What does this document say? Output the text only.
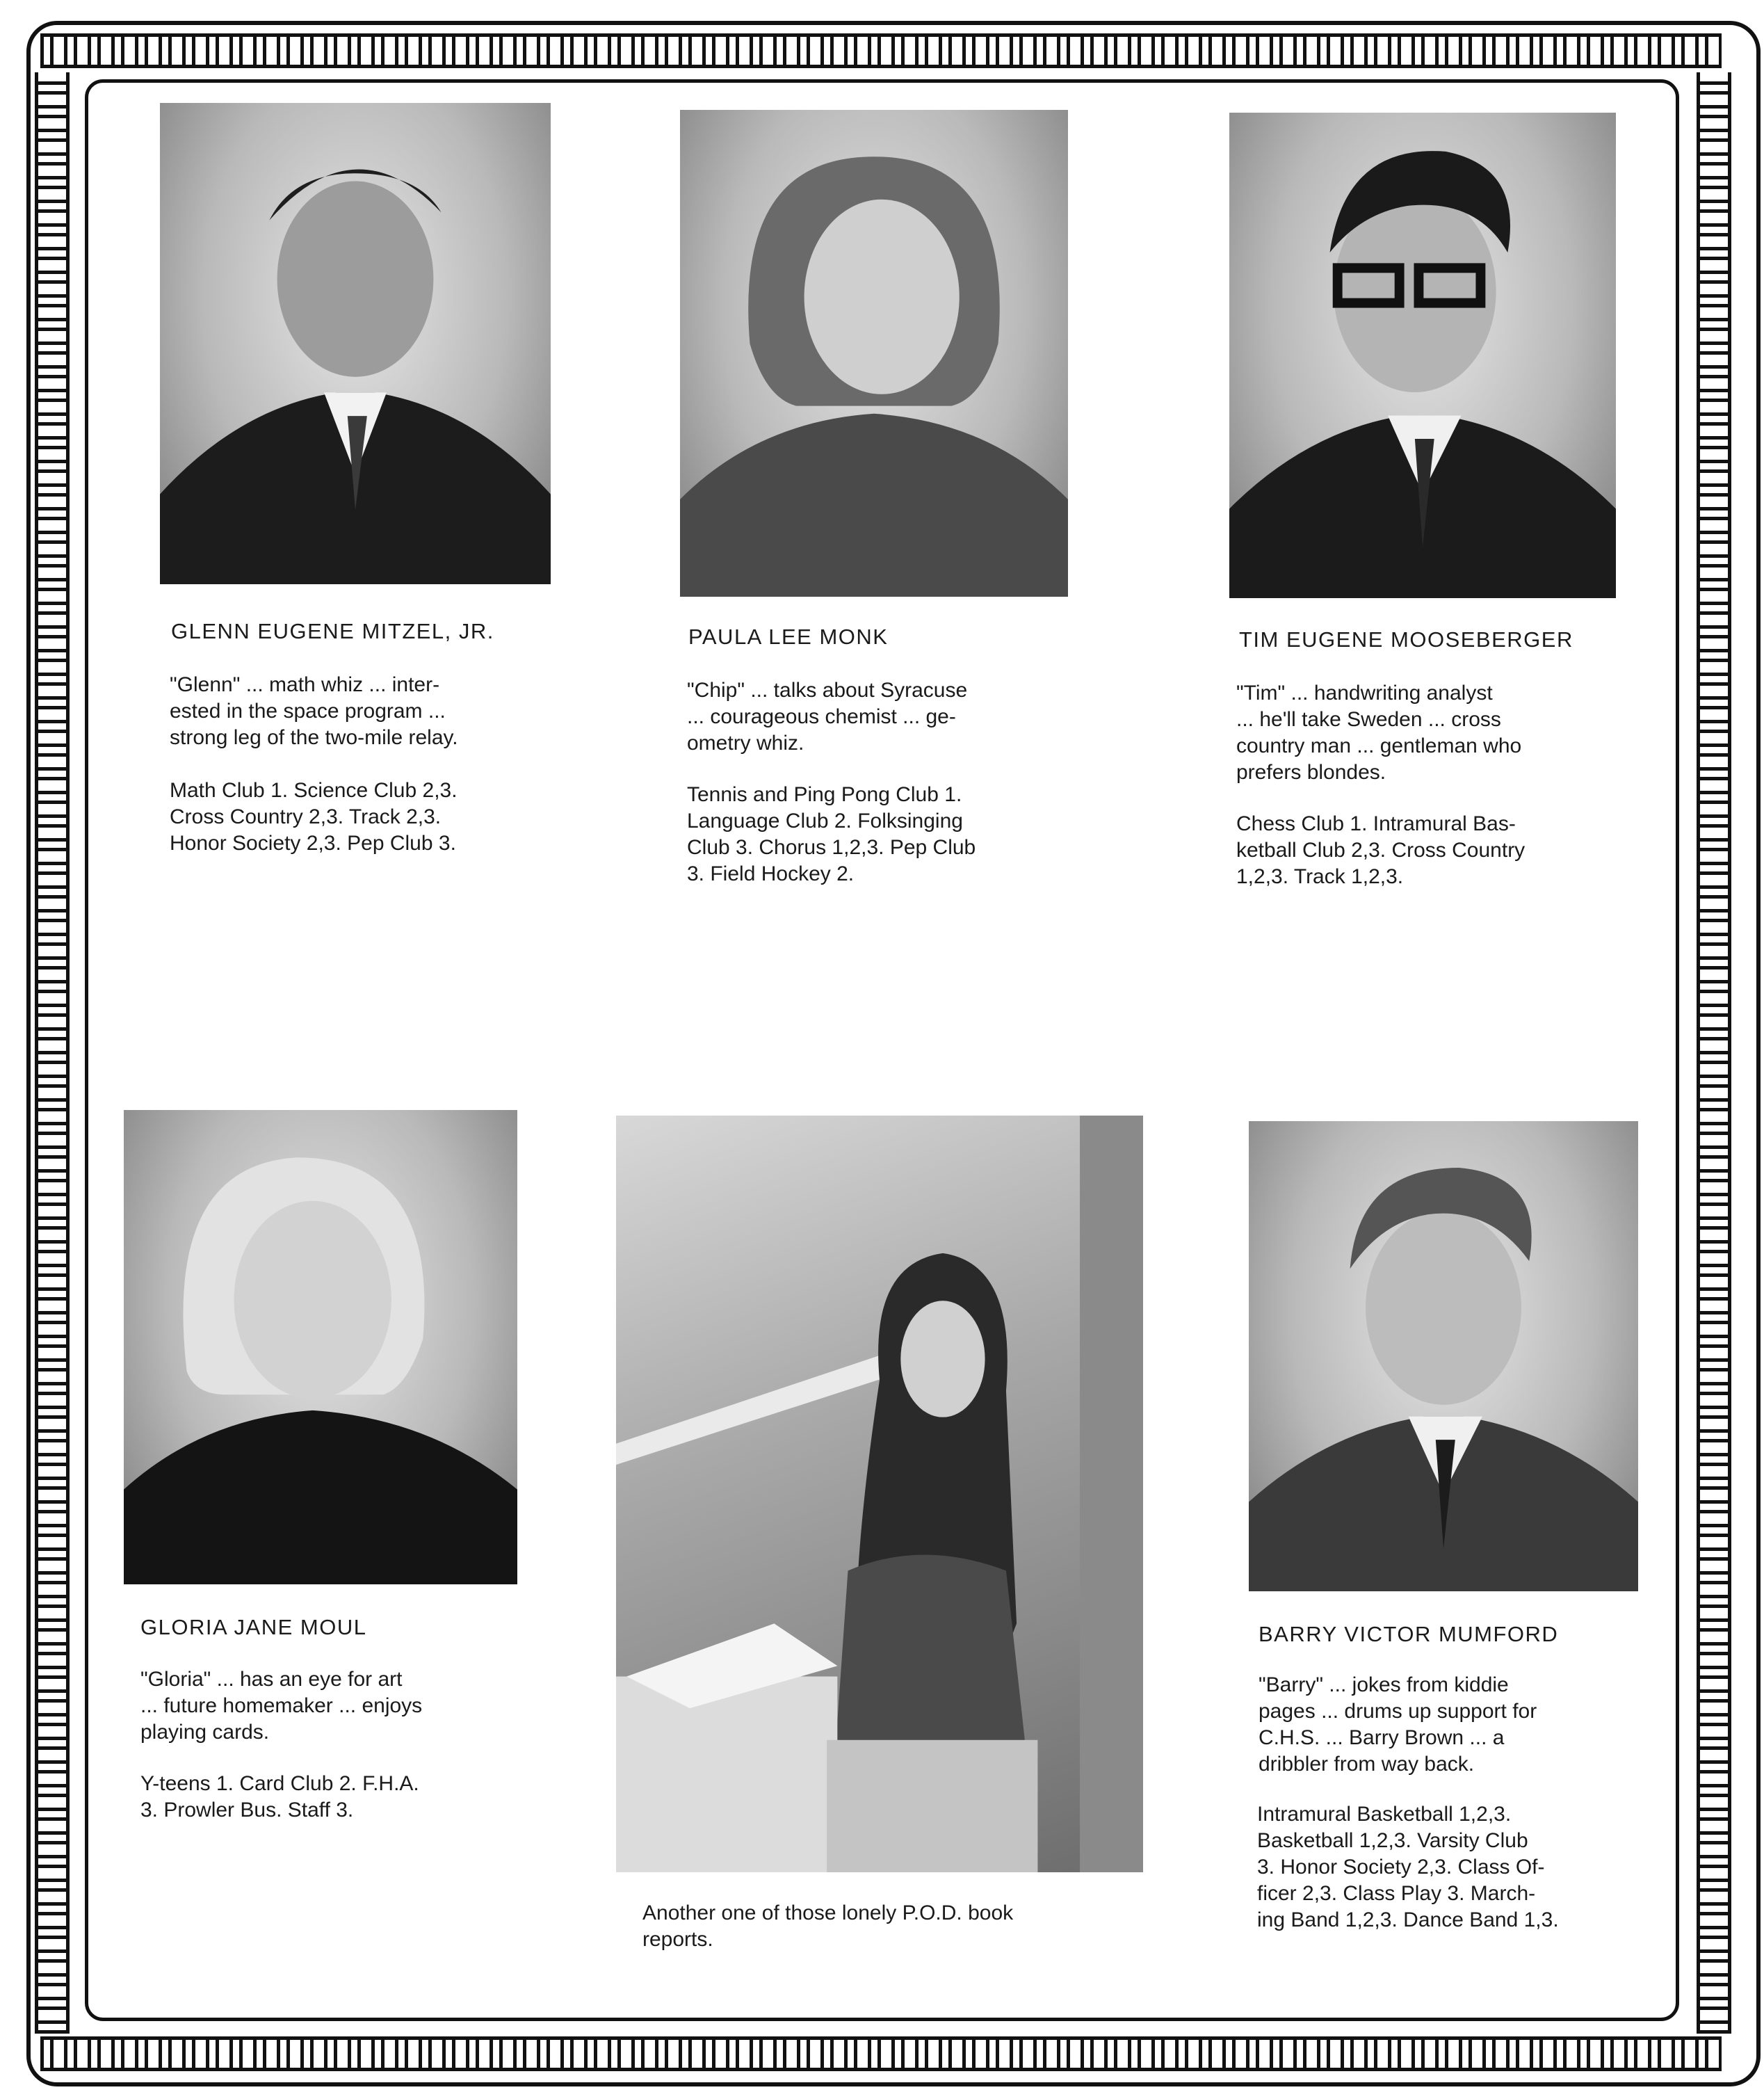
GLENN EUGENE MITZEL, JR.
"Glenn" ... math whiz ... inter-
ested in the space program ...
strong leg of the two-mile relay.
Math Club 1. Science Club 2,3.
Cross Country 2,3. Track 2,3.
Honor Society 2,3. Pep Club 3.
PAULA LEE MONK
"Chip" ... talks about Syracuse
... courageous chemist ... ge-
ometry whiz.
Tennis and Ping Pong Club 1.
Language Club 2. Folksinging
Club 3. Chorus 1,2,3. Pep Club
3. Field Hockey 2.
TIM EUGENE MOOSEBERGER
"Tim" ... handwriting analyst
... he'll take Sweden ... cross
country man ... gentleman who
prefers blondes.
Chess Club 1. Intramural Bas-
ketball Club 2,3. Cross Country
1,2,3. Track 1,2,3.
GLORIA JANE MOUL
"Gloria" ... has an eye for art
... future homemaker ... enjoys
playing cards.
Y-teens 1. Card Club 2. F.H.A.
3. Prowler Bus. Staff 3.
Another one of those lonely P.O.D. book
reports.
BARRY VICTOR MUMFORD
"Barry" ... jokes from kiddie
pages ... drums up support for
C.H.S. ... Barry Brown ... a
dribbler from way back.
Intramural Basketball 1,2,3.
Basketball 1,2,3. Varsity Club
3. Honor Society 2,3. Class Of-
ficer 2,3. Class Play 3. March-
ing Band 1,2,3. Dance Band 1,3.
